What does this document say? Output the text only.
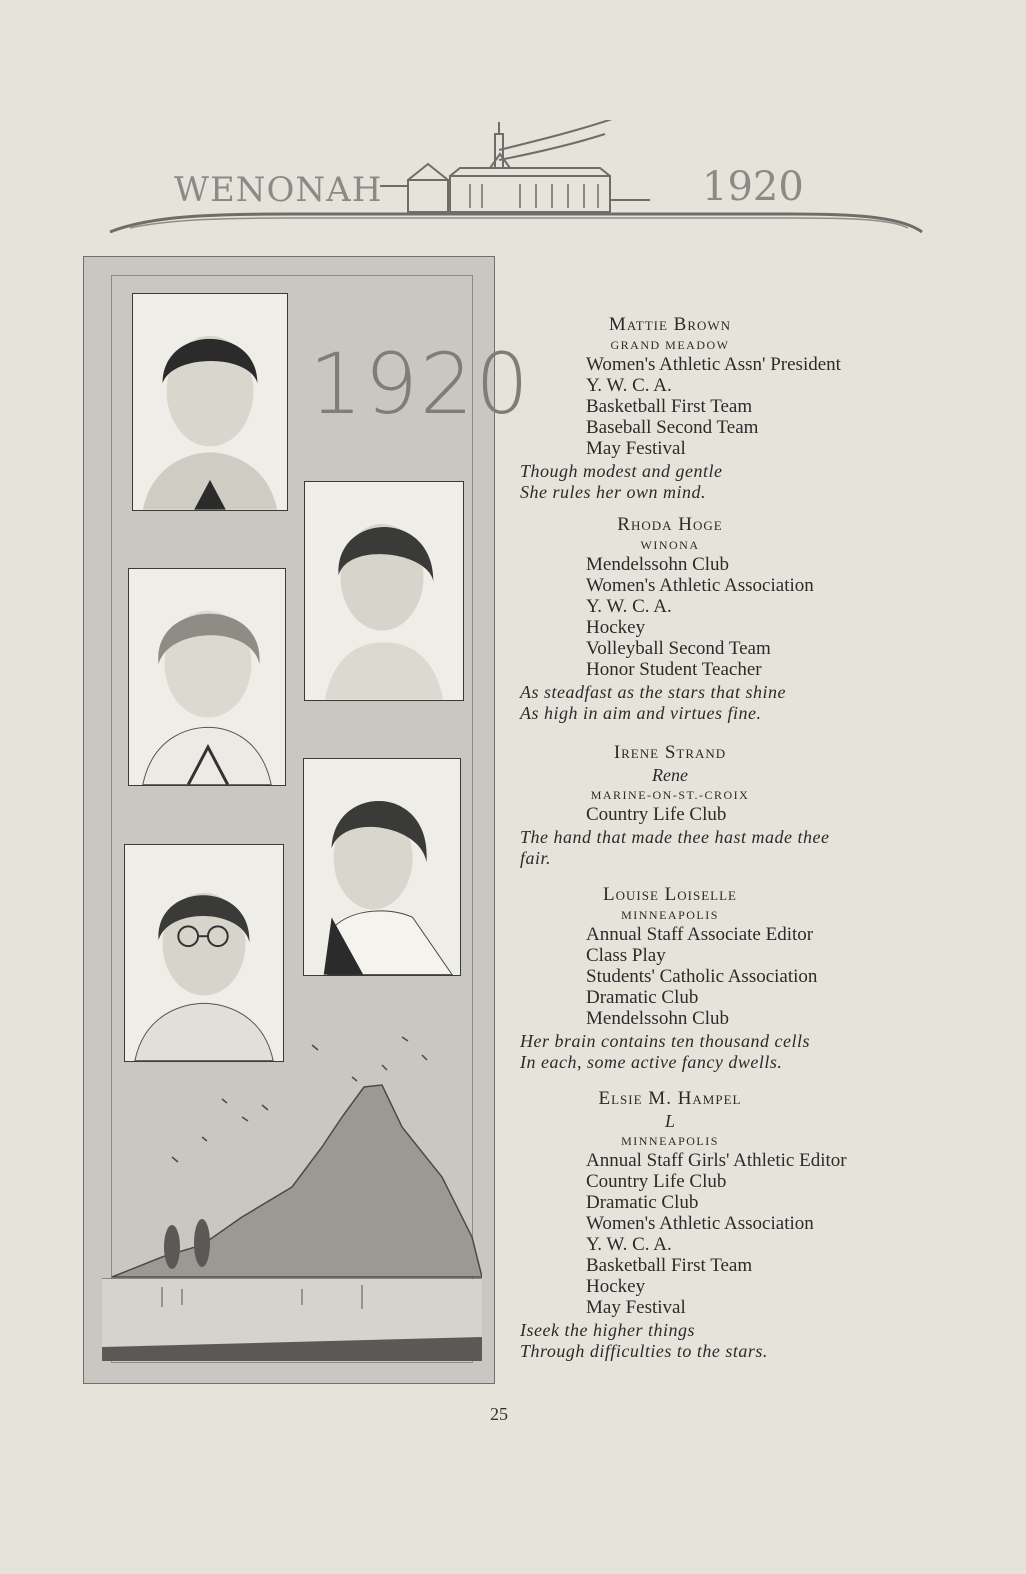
WENONAH	1920
1920
Mattie Brown
GRAND MEADOW
Women's Athletic Assn' President
Y. W. C. A.
Basketball First Team
Baseball Second Team
May Festival
Though modest and gentle
She rules her own mind.
Rhoda Hoge
WINONA
Mendelssohn Club
Women's Athletic Association
Y. W. C. A.
Hockey
Volleyball Second Team
Honor Student Teacher
As steadfast as the stars that shine
As high in aim and virtues fine.
Irene Strand
Rene
MARINE-ON-ST.-CROIX
Country Life Club
The hand that made thee hast made thee
fair.
Louise Loiselle
MINNEAPOLIS
Annual Staff Associate Editor
Class Play
Students' Catholic Association
Dramatic Club
Mendelssohn Club
Her brain contains ten thousand cells
In each, some active fancy dwells.
Elsie M. Hampel
L
MINNEAPOLIS
Annual Staff Girls' Athletic Editor
Country Life Club
Dramatic Club
Women's Athletic Association
Y. W. C. A.
Basketball First Team
Hockey
May Festival
Iseek the higher things
Through difficulties to the stars.
25
